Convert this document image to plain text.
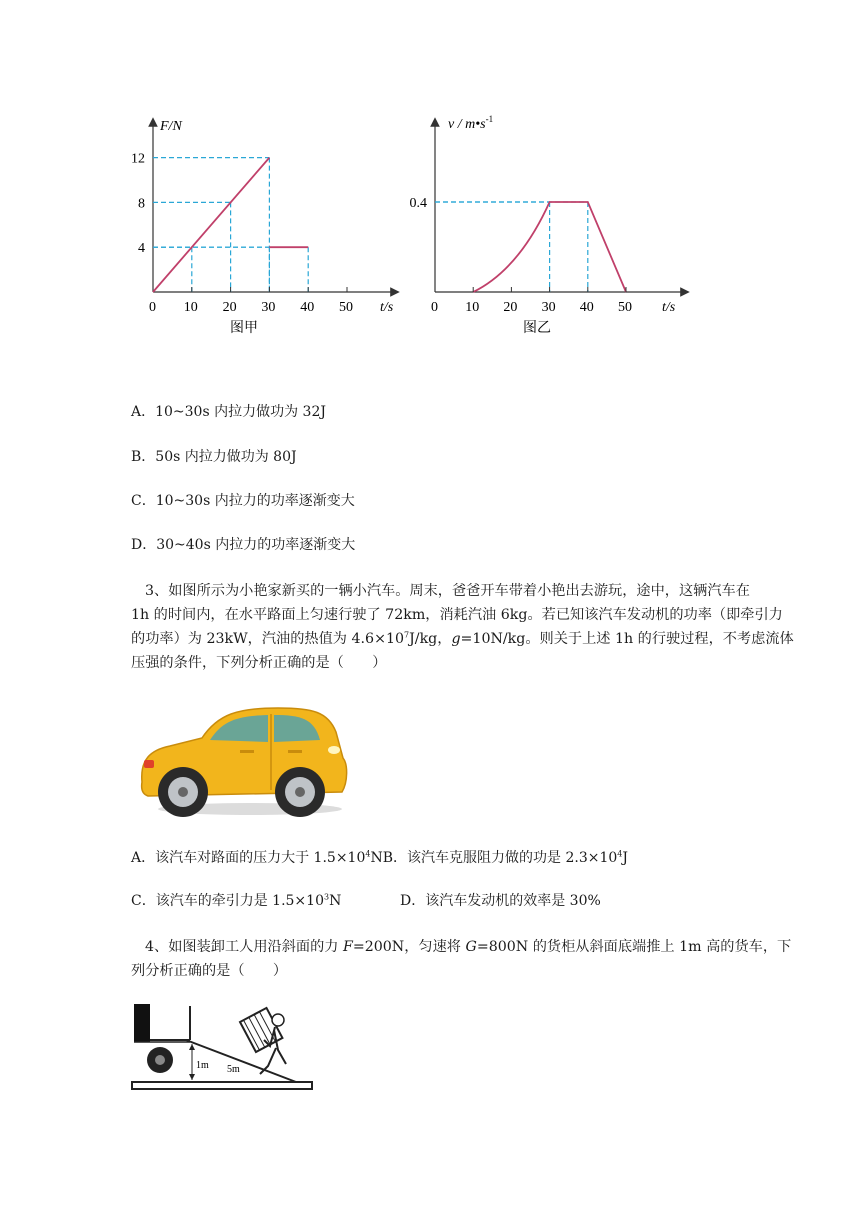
0 10 20 30 40 50
4
8
12
F/N
t/s
图甲
0 10 20 30 40 50
0.4
v / $m•s^{-1}$
t/s
图乙
A．10~30s 内拉力做功为 32J
B．50s 内拉力做功为 80J
C．10~30s 内拉力的功率逐渐变大
D．30~40s 内拉力的功率逐渐变大
3、如图所示为小艳家新买的一辆小汽车。周末，爸爸开车带着小艳出去游玩，途中，这辆汽车在
1h 的时间内，在水平路面上匀速行驶了 72km，消耗汽油 6kg。若已知该汽车发动机的功率（即牵引力
的功率）为 23kW，汽油的热值为 $4.6\times 10^7J/kg$，g=10N/kg。则关于上述 1h 的行驶过程，不考虑流体
压强的条件，下列分析正确的是（　　）
A．该汽车对路面的压力大于 $1.5\times 10^4NB$．该汽车克服阻力做的功是 $2.3\times 10^4J$
C．该汽车的牵引力是 $1.5\times 10^3N$	D．该汽车发动机的效率是 30%
4、如图装卸工人用沿斜面的力 F=200N，匀速将 G=800N 的货柜从斜面底端推上 1m 高的货车，下
列分析正确的是（　　）
1m 5m
